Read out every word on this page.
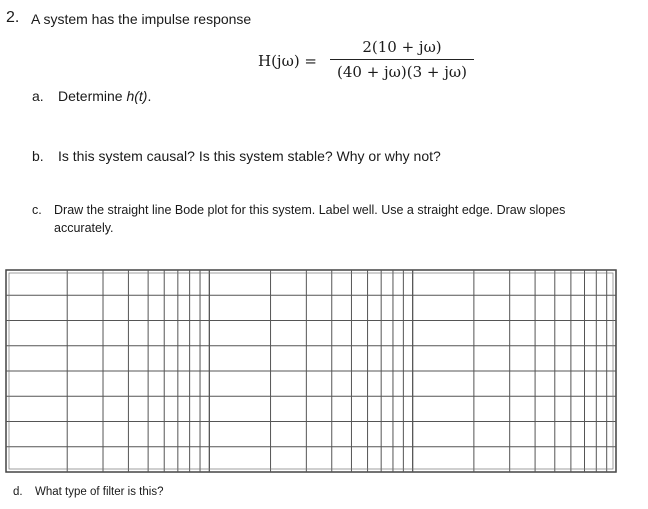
2. A system has the impulse response
H(jω) =
2(10 + jω)
(40 + jω)(3 + jω)
a. Determine h(t).
b. Is this system causal? Is this system stable? Why or why not?
c. Draw the straight line Bode plot for this system. Label well. Use a straight edge. Draw slopes
accurately.
d. What type of filter is this?
